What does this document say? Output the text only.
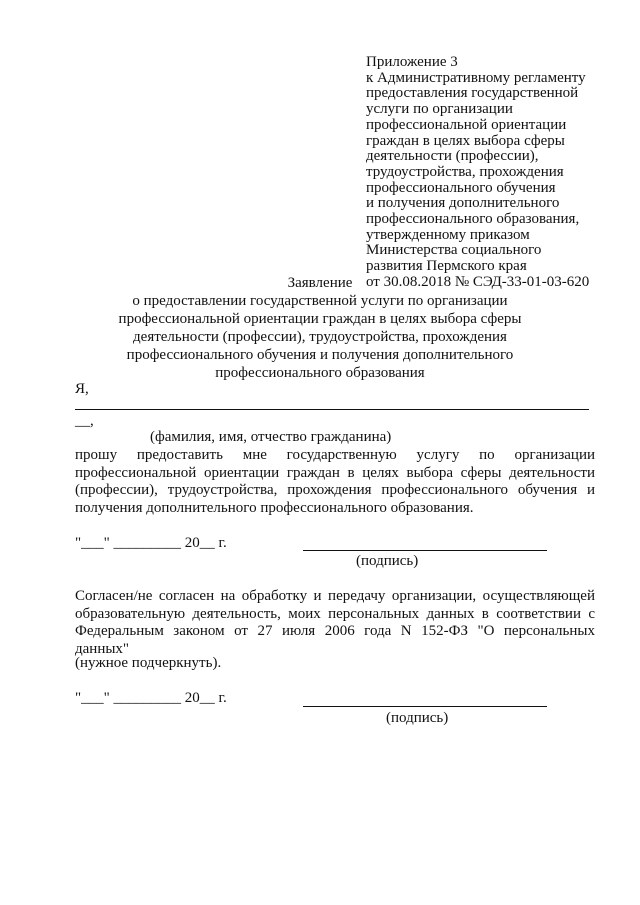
Приложение 3
к Административному регламенту
предоставления государственной
услуги по организации
профессиональной ориентации
граждан в целях выбора сферы
деятельности (профессии),
трудоустройства, прохождения
профессионального обучения
и получения дополнительного
профессионального образования,
утвержденному приказом
Министерства социального
развития Пермского края
от 30.08.2018 № СЭД-33-01-03-620
Заявление
о предоставлении государственной услуги по организации
профессиональной ориентации граждан в целях выбора сферы
деятельности (профессии), трудоустройства, прохождения
профессионального обучения и получения дополнительного
профессионального образования
Я,
__,
(фамилия, имя, отчество гражданина)
прошу предоставить мне государственную услугу по организации
профессиональной ориентации граждан в целях выбора сферы деятельности
(профессии), трудоустройства, прохождения профессионального обучения и
получения дополнительного профессионального образования.
"___" _________ 20__ г.
(подпись)
Согласен/не согласен на обработку и передачу организации, осуществляющей
образовательную деятельность, моих персональных данных в соответствии с
Федеральным законом от 27 июля 2006 года N 152-ФЗ "О персональных
данных"
(нужное подчеркнуть).
"___" _________ 20__ г.
(подпись)
